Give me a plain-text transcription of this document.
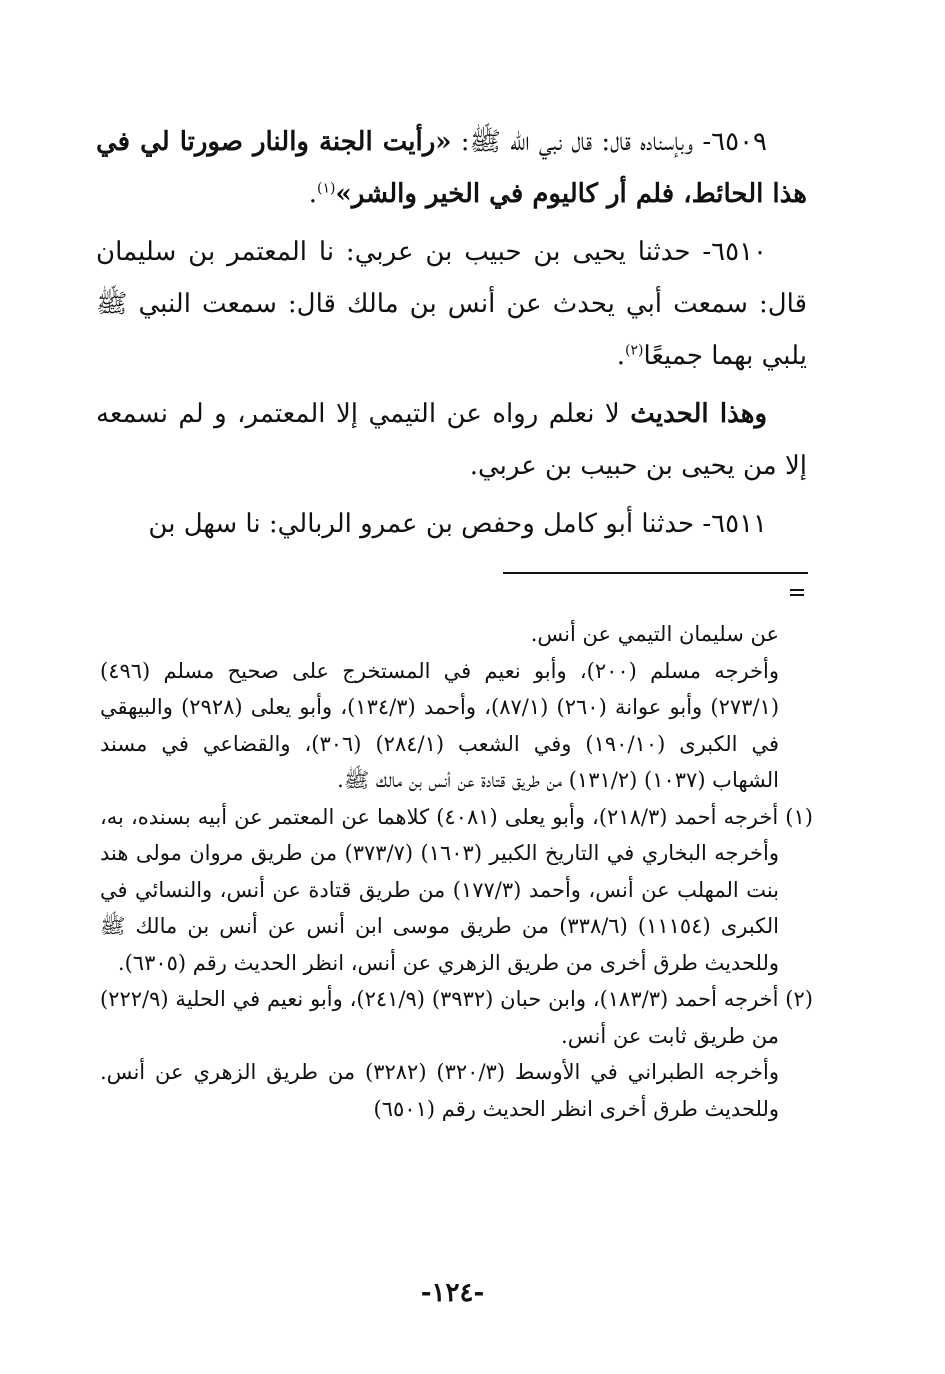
٦٥٠٩- وبإسناده قال: قال نبي الله ﷺ: «رأيت الجنة والنار صورتا لي في هذا الحائط، فلم أر كاليوم في الخير والشر»$^{(١)}$.

٦٥١٠- حدثنا يحيى بن حبيب بن عربي: نا المعتمر بن سليمان قال: سمعت أبي يحدث عن أنس بن مالك قال: سمعت النبي ﷺ يلبي بهما جميعًا$^{(٢)}$.

وهذا الحديث لا نعلم رواه عن التيمي إلا المعتمر، و لم نسمعه إلا من يحيى بن حبيب بن عربي.

٦٥١١- حدثنا أبو كامل وحفص بن عمرو الربالي: نا سهل بن

عن سليمان التيمي عن أنس.

وأخرجه مسلم (٢٠٠)، وأبو نعيم في المستخرج على صحيح مسلم (٤٩٦) (٢٧٣/١) وأبو عوانة (٢٦٠) (٨٧/١)، وأحمد (١٣٤/٣)، وأبو يعلى (٢٩٢٨) والبيهقي في الكبرى (١٩٠/١٠) وفي الشعب (٢٨٤/١) (٣٠٦)، والقضاعي في مسند الشهاب (١٠٣٧) (١٣١/٢) من طريق قتادة عن أنس بن مالك ﷺ.

(١) أخرجه أحمد (٢١٨/٣)، وأبو يعلى (٤٠٨١) كلاهما عن المعتمر عن أبيه بسنده، به، وأخرجه البخاري في التاريخ الكبير (١٦٠٣) (٣٧٣/٧) من طريق مروان مولى هند بنت المهلب عن أنس، وأحمد (١٧٧/٣) من طريق قتادة عن أنس، والنسائي في الكبرى (١١١٥٤) (٣٣٨/٦) من طريق موسى ابن أنس عن أنس بن مالك ﷺ وللحديث طرق أخرى من طريق الزهري عن أنس، انظر الحديث رقم (٦٣٠٥).

(٢) أخرجه أحمد (١٨٣/٣)، وابن حبان (٣٩٣٢) (٢٤١/٩)، وأبو نعيم في الحلية (٢٢٢/٩) من طريق ثابت عن أنس.

وأخرجه الطبراني في الأوسط (٣٢٠/٣) (٣٢٨٢) من طريق الزهري عن أنس. وللحديث طرق أخرى انظر الحديث رقم (٦٥٠١)

-١٢٤-
